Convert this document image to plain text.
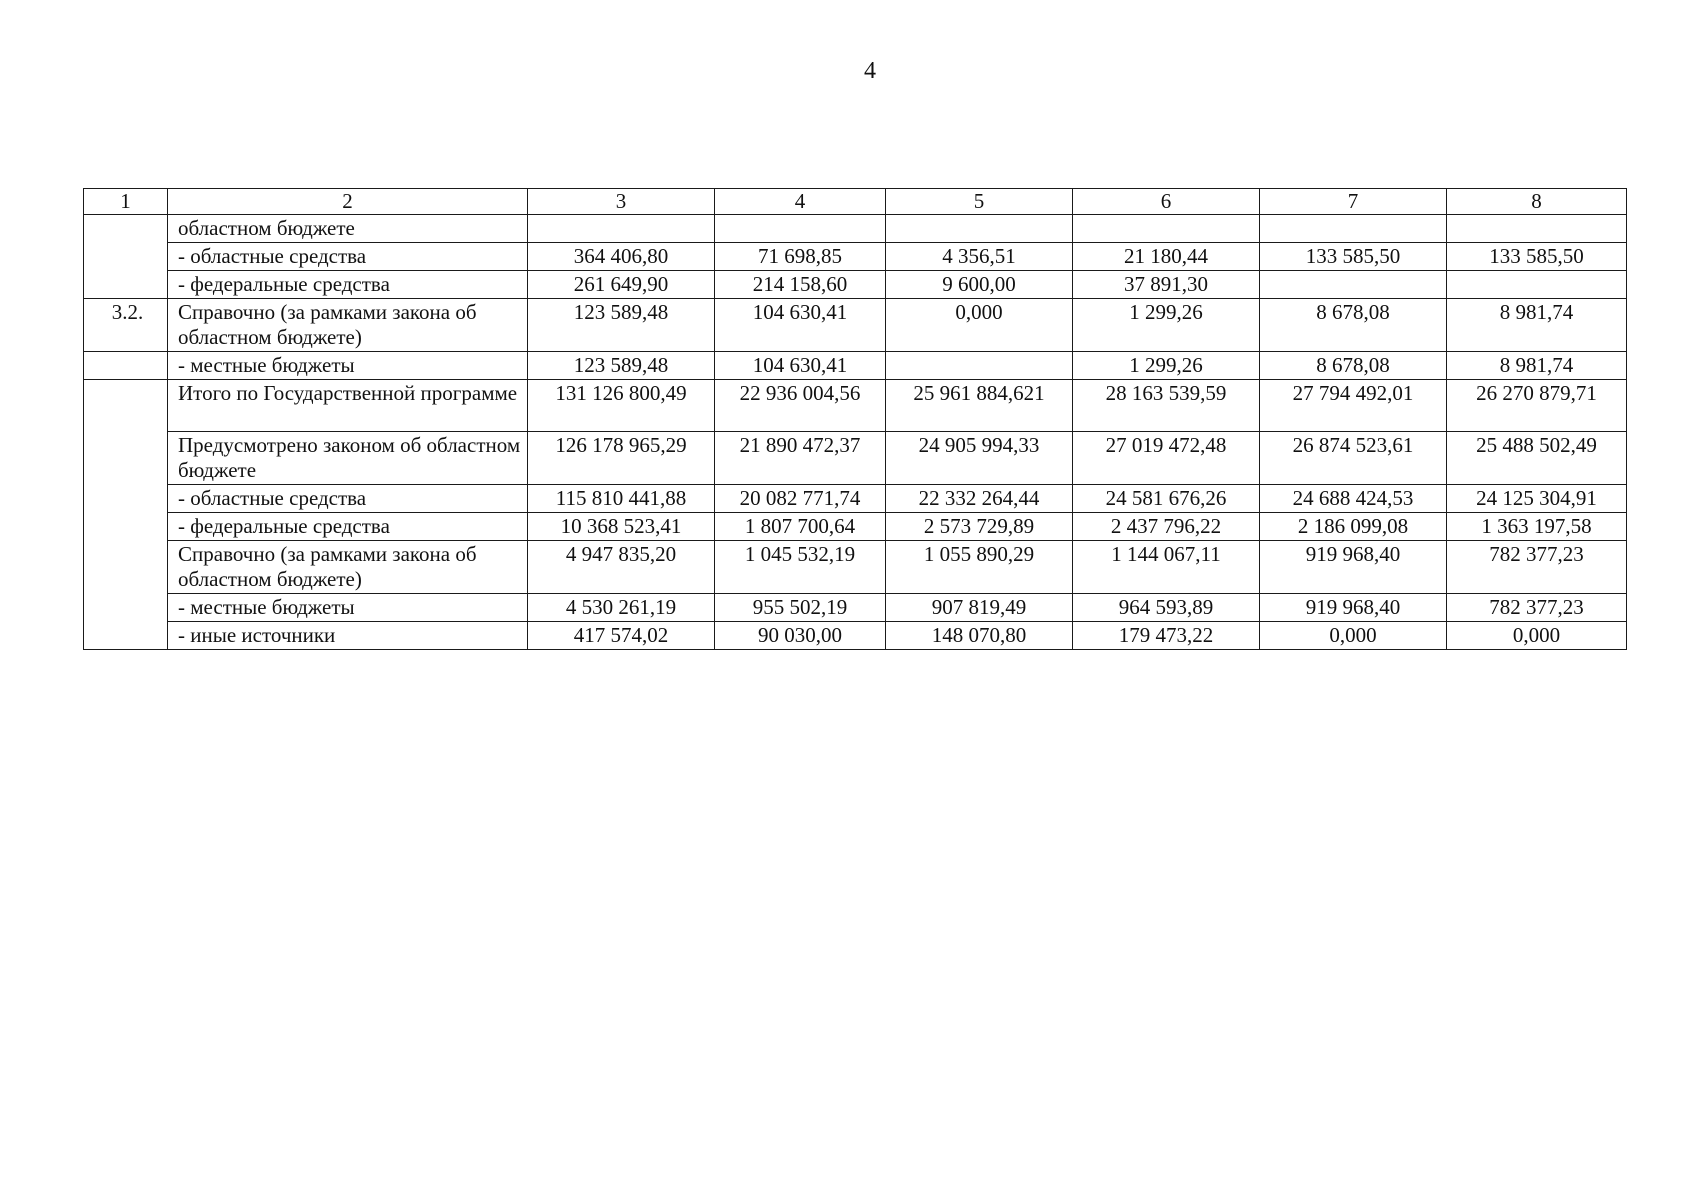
4
1	2	3	4	5	6	7	8
	областном бюджете						
	- областные средства	364 406,80	71 698,85	4 356,51	21 180,44	133 585,50	133 585,50
	- федеральные средства	261 649,90	214 158,60	9 600,00	37 891,30		
3.2.	Справочно (за рамками закона об областном бюджете)	123 589,48	104 630,41	0,000	1 299,26	8 678,08	8 981,74
	- местные бюджеты	123 589,48	104 630,41		1 299,26	8 678,08	8 981,74
	Итого по Государственной программе	131 126 800,49	22 936 004,56	25 961 884,621	28 163 539,59	27 794 492,01	26 270 879,71
	Предусмотрено законом об областном бюджете	126 178 965,29	21 890 472,37	24 905 994,33	27 019 472,48	26 874 523,61	25 488 502,49
	- областные средства	115 810 441,88	20 082 771,74	22 332 264,44	24 581 676,26	24 688 424,53	24 125 304,91
	- федеральные средства	10 368 523,41	1 807 700,64	2 573 729,89	2 437 796,22	2 186 099,08	1 363 197,58
	Справочно (за рамками закона об областном бюджете)	4 947 835,20	1 045 532,19	1 055 890,29	1 144 067,11	919 968,40	782 377,23
	- местные бюджеты	4 530 261,19	955 502,19	907 819,49	964 593,89	919 968,40	782 377,23
	- иные источники	417 574,02	90 030,00	148 070,80	179 473,22	0,000	0,000
